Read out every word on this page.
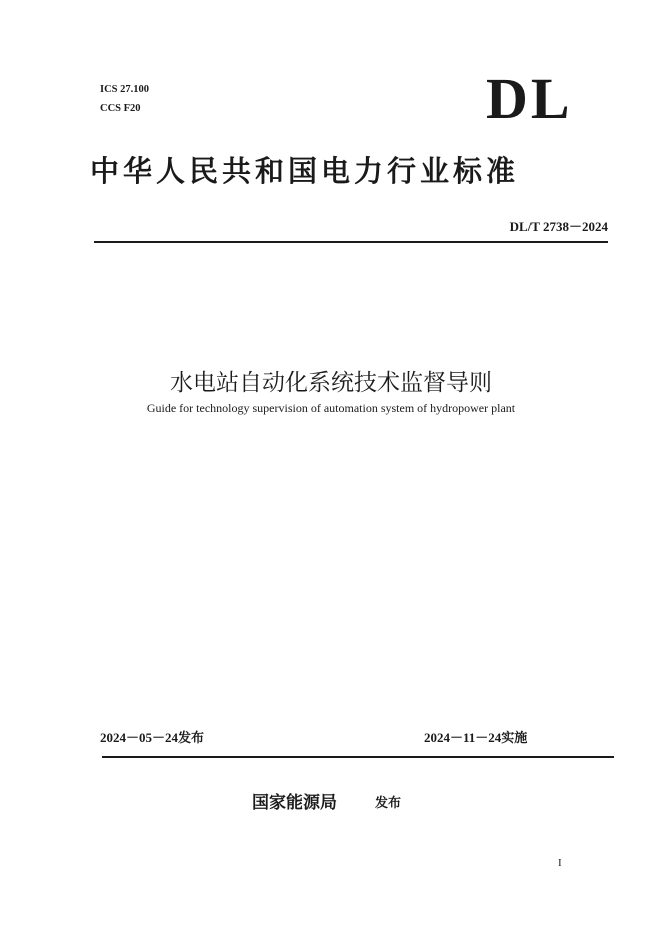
ICS 27.100
CCS F20	DL
中华人民共和国电力行业标准
DL/T 2738－2024
水电站自动化系统技术监督导则
Guide for technology supervision of automation system of hydropower plant
2024－05－24发布	2024－11－24实施
国家能源局	发布
I
